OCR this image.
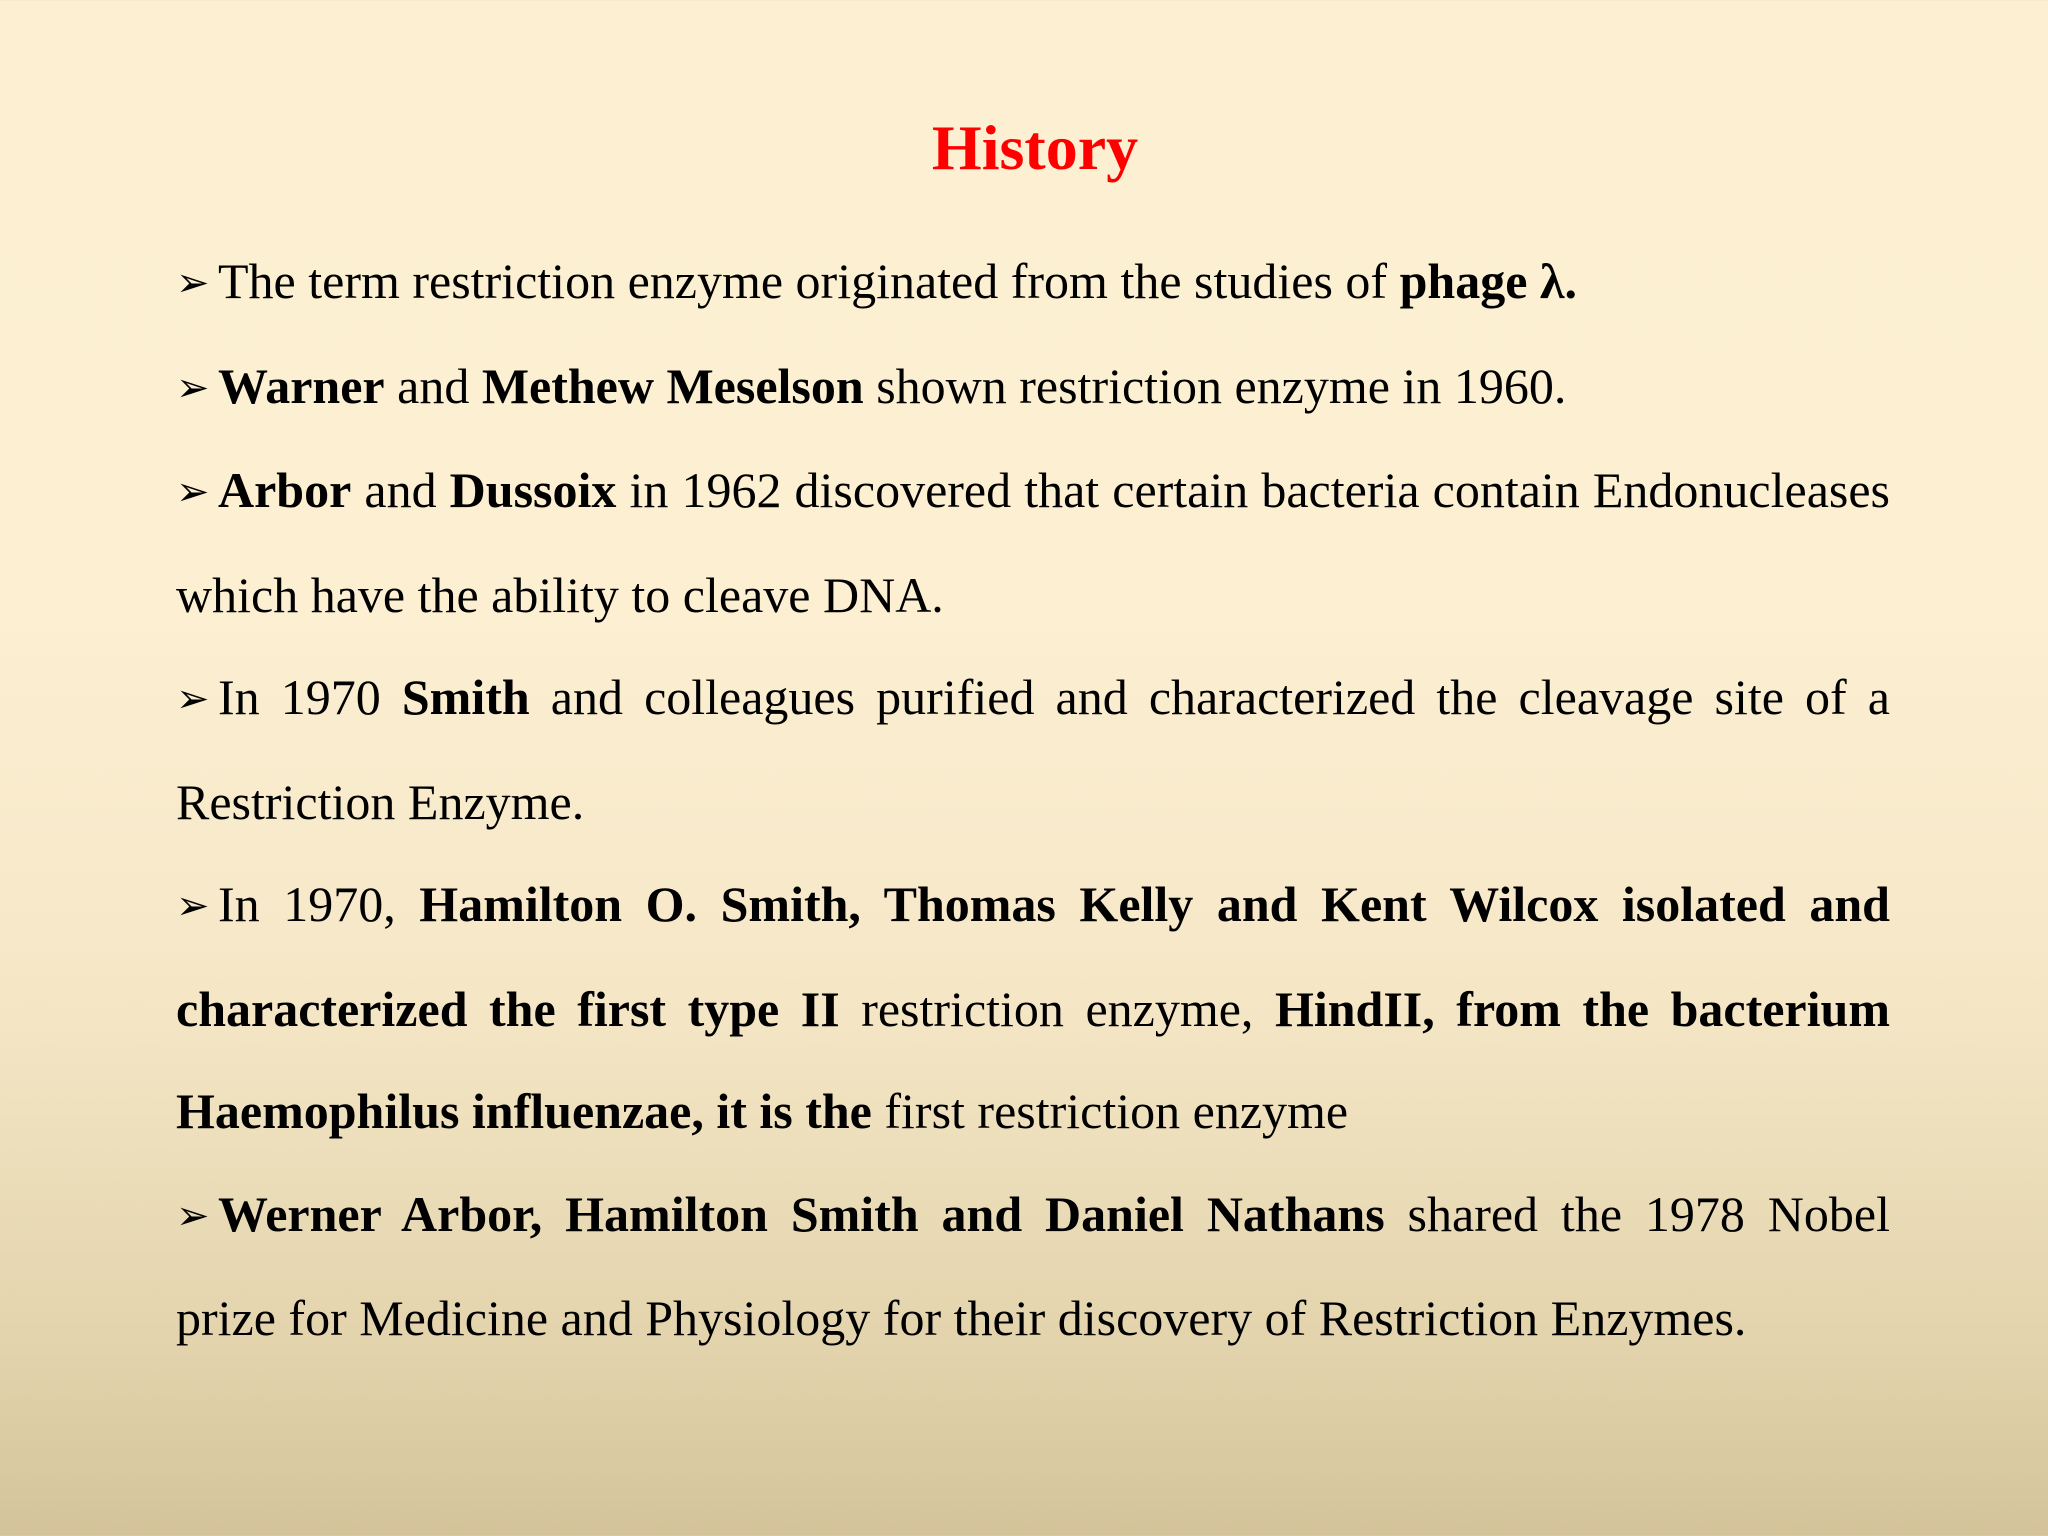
History

➢ The term restriction enzyme originated from the studies of phage λ.

➢ Warner and Methew Meselson shown restriction enzyme in 1960.

➢ Arbor and Dussoix in 1962 discovered that certain bacteria contain Endonucleases which have the ability to cleave DNA.

➢ In 1970 Smith and colleagues purified and characterized the cleavage site of a Restriction Enzyme.

➢ In 1970, Hamilton O. Smith, Thomas Kelly and Kent Wilcox isolated and characterized the first type II restriction enzyme, HindII, from the bacterium Haemophilus influenzae, it is the first restriction enzyme

➢ Werner Arbor, Hamilton Smith and Daniel Nathans shared the 1978 Nobel prize for Medicine and Physiology for their discovery of Restriction Enzymes.
